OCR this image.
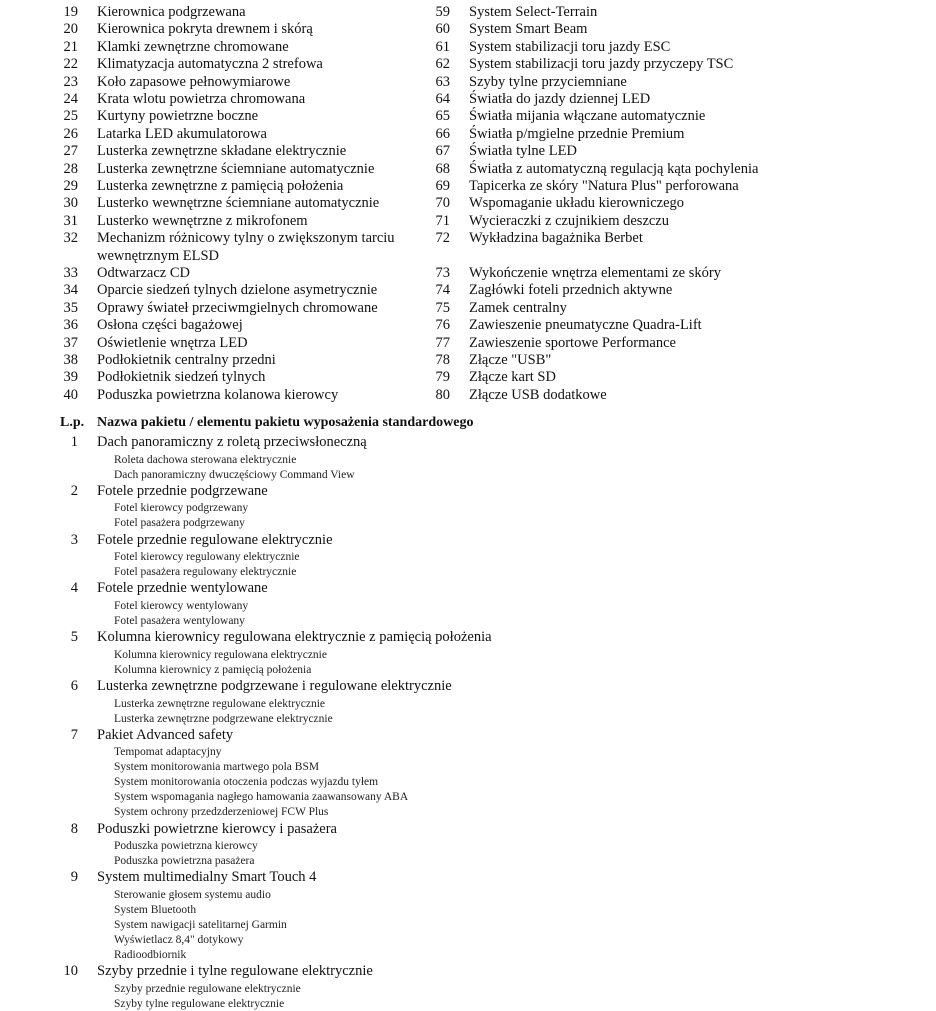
19 Kierownica podgrzewana
20 Kierownica pokryta drewnem i skórą
21 Klamki zewnętrzne chromowane
22 Klimatyzacja automatyczna 2 strefowa
23 Koło zapasowe pełnowymiarowe
24 Krata wlotu powietrza chromowana
25 Kurtyny powietrzne boczne
26 Latarka LED akumulatorowa
27 Lusterka zewnętrzne składane elektrycznie
28 Lusterka zewnętrzne ściemniane automatycznie
29 Lusterka zewnętrzne z pamięcią położenia
30 Lusterko wewnętrzne ściemniane automatycznie
31 Lusterko wewnętrzne z mikrofonem
32 Mechanizm różnicowy tylny o zwiększonym tarciu
wewnętrznym ELSD
33 Odtwarzacz CD
34 Oparcie siedzeń tylnych dzielone asymetrycznie
35 Oprawy świateł przeciwmgielnych chromowane
36 Osłona części bagażowej
37 Oświetlenie wnętrza LED
38 Podłokietnik centralny przedni
39 Podłokietnik siedzeń tylnych
40 Poduszka powietrzna kolanowa kierowcy
59 System Select-Terrain
60 System Smart Beam
61 System stabilizacji toru jazdy ESC
62 System stabilizacji toru jazdy przyczepy TSC
63 Szyby tylne przyciemniane
64 Światła do jazdy dziennej LED
65 Światła mijania włączane automatycznie
66 Światła p/mgielne przednie Premium
67 Światła tylne LED
68 Światła z automatyczną regulacją kąta pochylenia
69 Tapicerka ze skóry "Natura Plus" perforowana
70 Wspomaganie układu kierowniczego
71 Wycieraczki z czujnikiem deszczu
72 Wykładzina bagażnika Berbet
73 Wykończenie wnętrza elementami ze skóry
74 Zagłówki foteli przednich aktywne
75 Zamek centralny
76 Zawieszenie pneumatyczne Quadra-Lift
77 Zawieszenie sportowe Performance
78 Złącze "USB"
79 Złącze kart SD
80 Złącze USB dodatkowe
L.p. Nazwa pakietu / elementu pakietu wyposażenia standardowego
1 Dach panoramiczny z roletą przeciwsłoneczną
Roleta dachowa sterowana elektrycznie
Dach panoramiczny dwuczęściowy Command View
2 Fotele przednie podgrzewane
Fotel kierowcy podgrzewany
Fotel pasażera podgrzewany
3 Fotele przednie regulowane elektrycznie
Fotel kierowcy regulowany elektrycznie
Fotel pasażera regulowany elektrycznie
4 Fotele przednie wentylowane
Fotel kierowcy wentylowany
Fotel pasażera wentylowany
5 Kolumna kierownicy regulowana elektrycznie z pamięcią położenia
Kolumna kierownicy regulowana elektrycznie
Kolumna kierownicy z pamięcią położenia
6 Lusterka zewnętrzne podgrzewane i regulowane elektrycznie
Lusterka zewnętrzne regulowane elektrycznie
Lusterka zewnętrzne podgrzewane elektrycznie
7 Pakiet Advanced safety
Tempomat adaptacyjny
System monitorowania martwego pola BSM
System monitorowania otoczenia podczas wyjazdu tyłem
System wspomagania nagłego hamowania zaawansowany ABA
System ochrony przedzderzeniowej FCW Plus
8 Poduszki powietrzne kierowcy i pasażera
Poduszka powietrzna kierowcy
Poduszka powietrzna pasażera
9 System multimedialny Smart Touch 4
Sterowanie głosem systemu audio
System Bluetooth
System nawigacji satelitarnej Garmin
Wyświetlacz 8,4" dotykowy
Radioodbiornik
10 Szyby przednie i tylne regulowane elektrycznie
Szyby przednie regulowane elektrycznie
Szyby tylne regulowane elektrycznie
